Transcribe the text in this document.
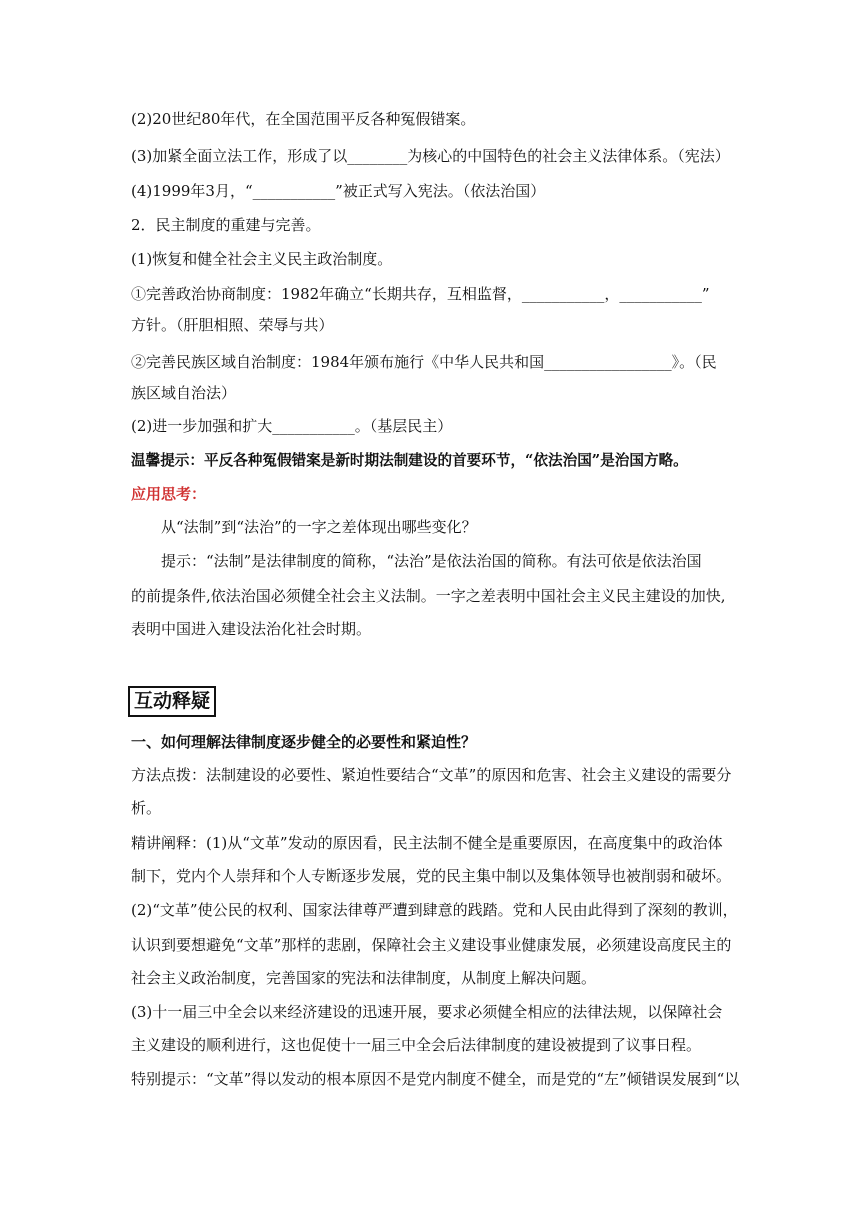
(2)20世纪80年代，在全国范围平反各种冤假错案。
(3)加紧全面立法工作，形成了以________为核心的中国特色的社会主义法律体系。（宪法）
(4)1999年3月，“___________”被正式写入宪法。（依法治国）
2．民主制度的重建与完善。
(1)恢复和健全社会主义民主政治制度。
①完善政治协商制度：1982年确立“长期共存，互相监督，___________，___________”
方针。（肝胆相照、荣辱与共）
②完善民族区域自治制度：1984年颁布施行《中华人民共和国_________________》。（民
族区域自治法）
(2)进一步加强和扩大___________。（基层民主）
温馨提示：平反各种冤假错案是新时期法制建设的首要环节，“依法治国”是治国方略。
应用思考：
从“法制”到“法治”的一字之差体现出哪些变化？
提示：“法制”是法律制度的简称，“法治”是依法治国的简称。有法可依是依法治国
的前提条件,依法治国必须健全社会主义法制。一字之差表明中国社会主义民主建设的加快,
表明中国进入建设法治化社会时期。
互动释疑
一、如何理解法律制度逐步健全的必要性和紧迫性？
方法点拨：法制建设的必要性、紧迫性要结合“文革”的原因和危害、社会主义建设的需要分
析。
精讲阐释：(1)从“文革”发动的原因看，民主法制不健全是重要原因，在高度集中的政治体
制下，党内个人崇拜和个人专断逐步发展，党的民主集中制以及集体领导也被削弱和破坏。
(2)“文革”使公民的权利、国家法律尊严遭到肆意的践踏。党和人民由此得到了深刻的教训，
认识到要想避免“文革”那样的悲剧，保障社会主义建设事业健康发展，必须建设高度民主的
社会主义政治制度，完善国家的宪法和法律制度，从制度上解决问题。
(3)十一届三中全会以来经济建设的迅速开展，要求必须健全相应的法律法规，以保障社会
主义建设的顺利进行，这也促使十一届三中全会后法律制度的建设被提到了议事日程。
特别提示：“文革”得以发动的根本原因不是党内制度不健全，而是党的“左”倾错误发展到“以
